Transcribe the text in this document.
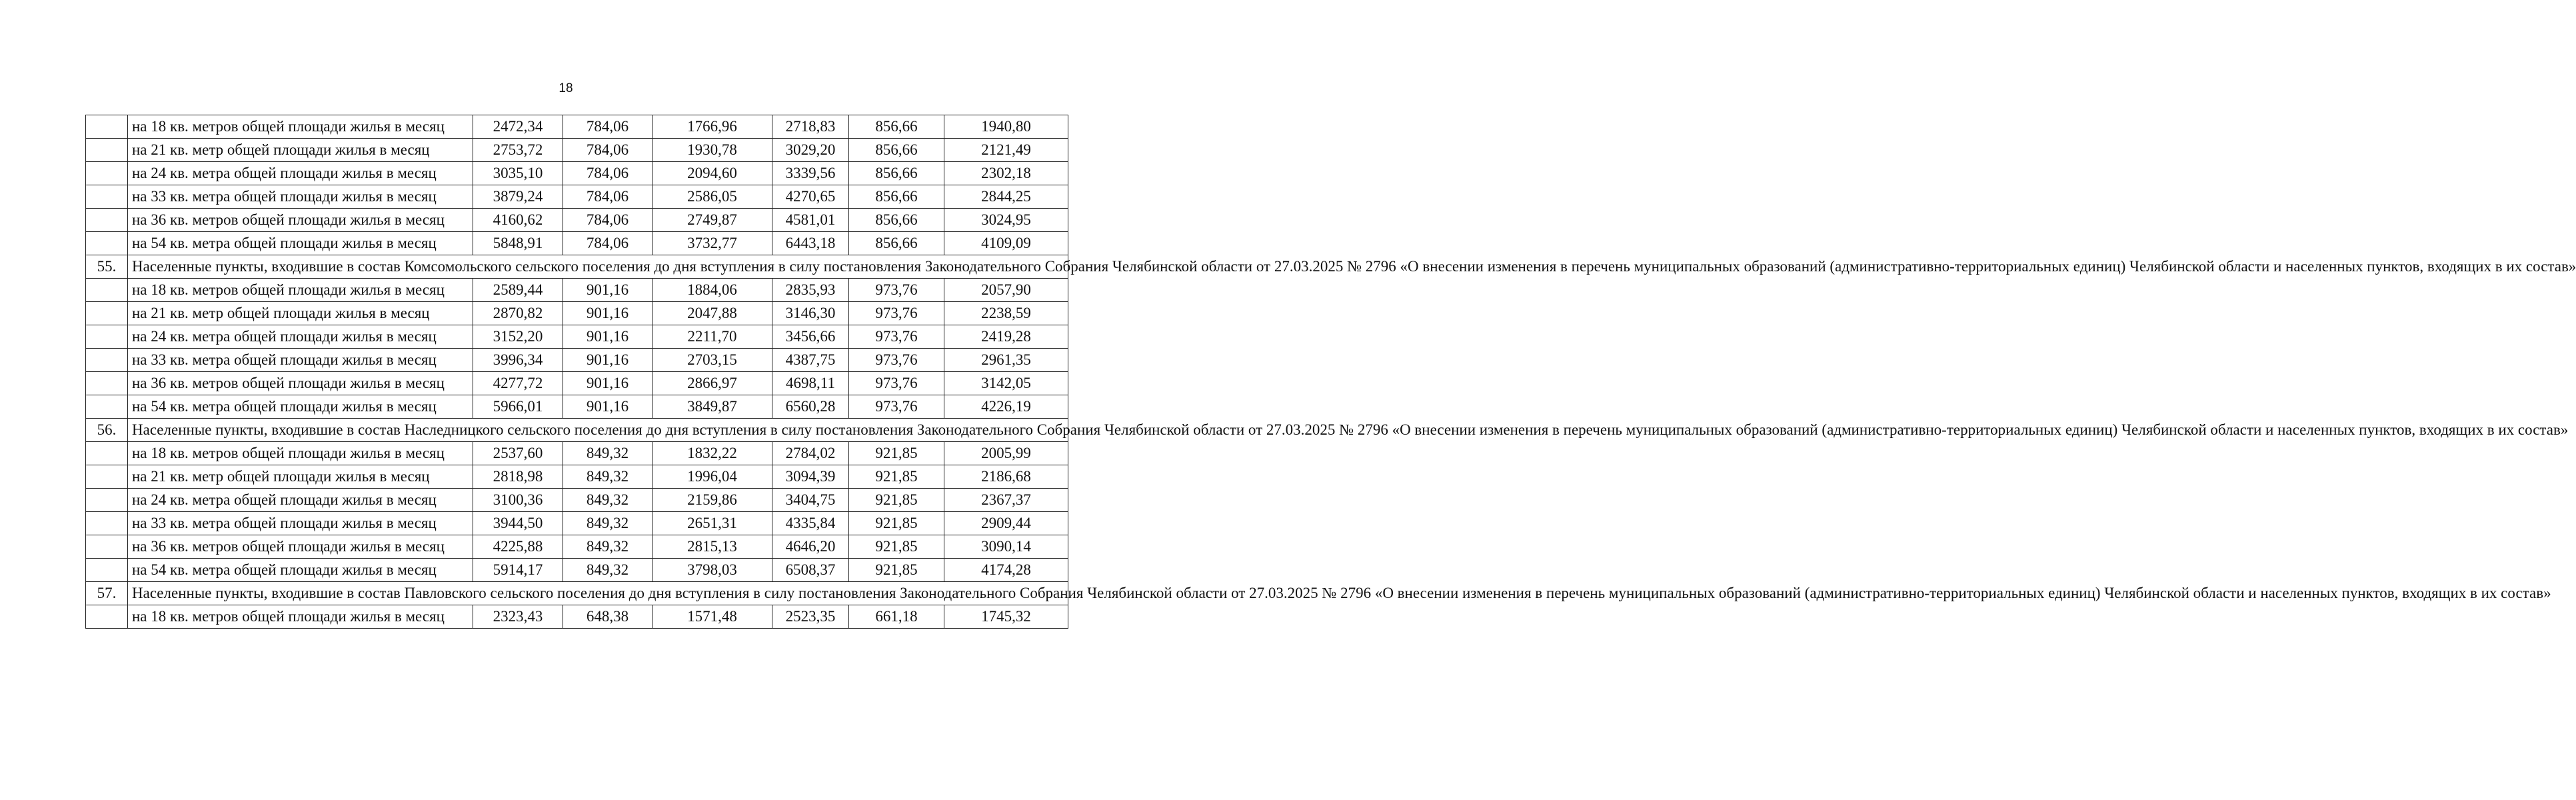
18
	на 18 кв. метров общей площади жилья в месяц	2472,34	784,06	1766,96	2718,83	856,66	1940,80
	на 21 кв. метр общей площади жилья в месяц	2753,72	784,06	1930,78	3029,20	856,66	2121,49
	на 24 кв. метра общей площади жилья в месяц	3035,10	784,06	2094,60	3339,56	856,66	2302,18
	на 33 кв. метра общей площади жилья в месяц	3879,24	784,06	2586,05	4270,65	856,66	2844,25
	на 36 кв. метров общей площади жилья в месяц	4160,62	784,06	2749,87	4581,01	856,66	3024,95
	на 54 кв. метра общей площади жилья в месяц	5848,91	784,06	3732,77	6443,18	856,66	4109,09
55.	Населенные пункты, входившие в состав Комсомольского сельского поселения до дня вступления в силу постановления Законодательного Собрания Челябинской области от 27.03.2025 № 2796 «О внесении изменения в перечень муниципальных образований (административно-территориальных единиц) Челябинской области и населенных пунктов, входящих в их состав»						
	на 18 кв. метров общей площади жилья в месяц	2589,44	901,16	1884,06	2835,93	973,76	2057,90
	на 21 кв. метр общей площади жилья в месяц	2870,82	901,16	2047,88	3146,30	973,76	2238,59
	на 24 кв. метра общей площади жилья в месяц	3152,20	901,16	2211,70	3456,66	973,76	2419,28
	на 33 кв. метра общей площади жилья в месяц	3996,34	901,16	2703,15	4387,75	973,76	2961,35
	на 36 кв. метров общей площади жилья в месяц	4277,72	901,16	2866,97	4698,11	973,76	3142,05
	на 54 кв. метра общей площади жилья в месяц	5966,01	901,16	3849,87	6560,28	973,76	4226,19
56.	Населенные пункты, входившие в состав Наследницкого сельского поселения до дня вступления в силу постановления Законодательного Собрания Челябинской области от 27.03.2025 № 2796 «О внесении изменения в перечень муниципальных образований (административно-территориальных единиц) Челябинской области и населенных пунктов, входящих в их состав»						
	на 18 кв. метров общей площади жилья в месяц	2537,60	849,32	1832,22	2784,02	921,85	2005,99
	на 21 кв. метр общей площади жилья в месяц	2818,98	849,32	1996,04	3094,39	921,85	2186,68
	на 24 кв. метра общей площади жилья в месяц	3100,36	849,32	2159,86	3404,75	921,85	2367,37
	на 33 кв. метра общей площади жилья в месяц	3944,50	849,32	2651,31	4335,84	921,85	2909,44
	на 36 кв. метров общей площади жилья в месяц	4225,88	849,32	2815,13	4646,20	921,85	3090,14
	на 54 кв. метра общей площади жилья в месяц	5914,17	849,32	3798,03	6508,37	921,85	4174,28
57.	Населенные пункты, входившие в состав Павловского сельского поселения до дня вступления в силу постановления Законодательного Собрания Челябинской области от 27.03.2025 № 2796 «О внесении изменения в перечень муниципальных образований (административно-территориальных единиц) Челябинской области и населенных пунктов, входящих в их состав»						
	на 18 кв. метров общей площади жилья в месяц	2323,43	648,38	1571,48	2523,35	661,18	1745,32
